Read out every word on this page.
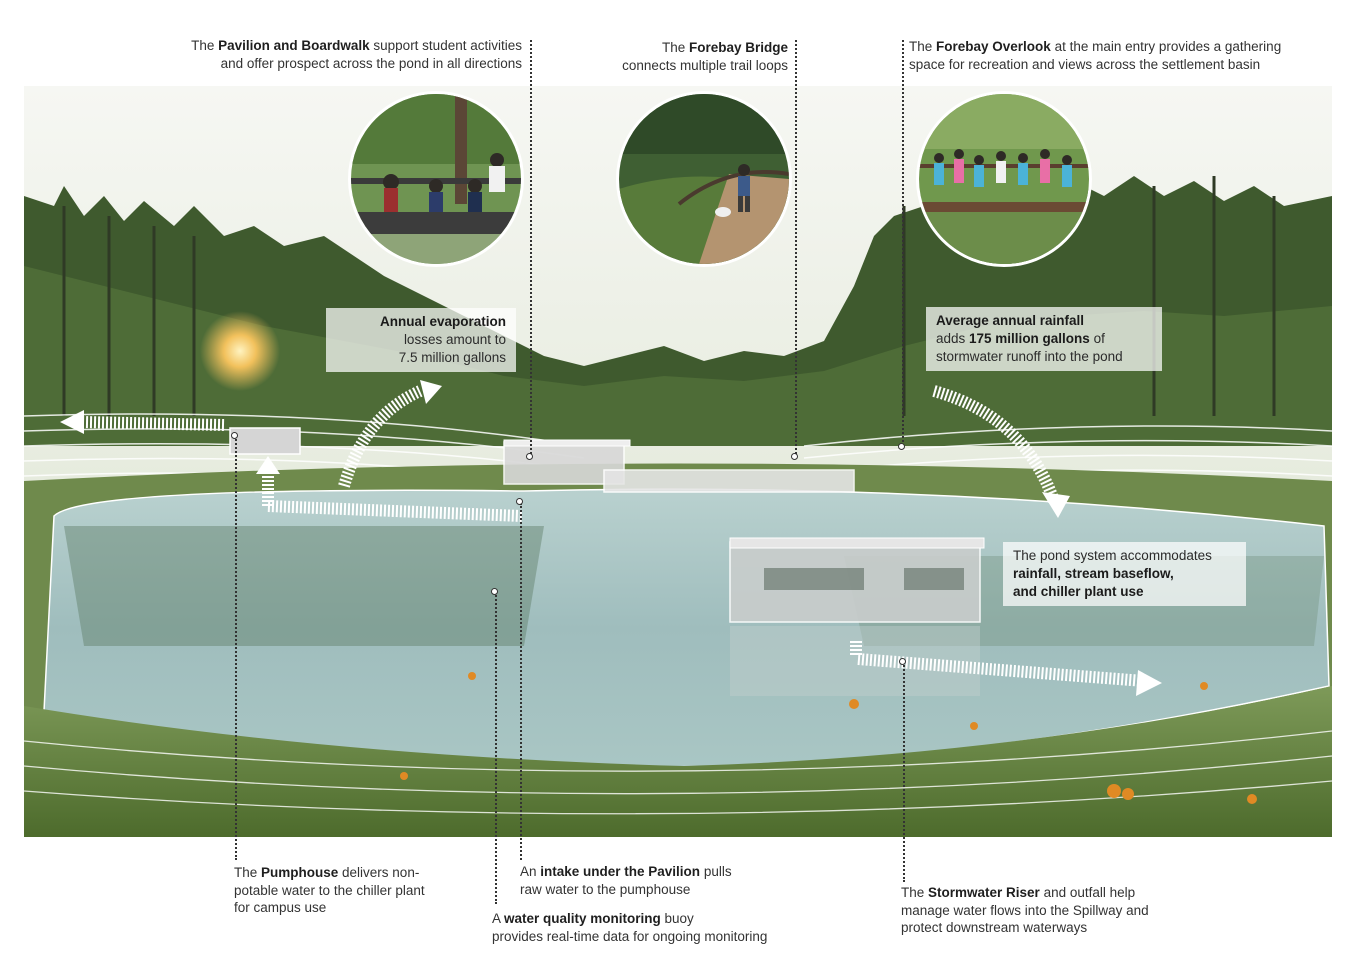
The Pavilion and Boardwalk support student activities
and offer prospect across the pond in all directions
The Forebay Bridge
connects multiple trail loops
The Forebay Overlook at the main entry provides a gathering
space for recreation and views across the settlement basin
Annual evaporation
losses amount to
7.5 million gallons
Average annual rainfall
adds 175 million gallons of
stormwater runoff into the pond
The pond system accommodates
rainfall, stream baseflow,
and chiller plant use
The Pumphouse delivers non-
potable water to the chiller plant
for campus use
An intake under the Pavilion pulls
raw water to the pumphouse
A water quality monitoring buoy
provides real-time data for ongoing monitoring
The Stormwater Riser and outfall help
manage water flows into the Spillway and
protect downstream waterways
